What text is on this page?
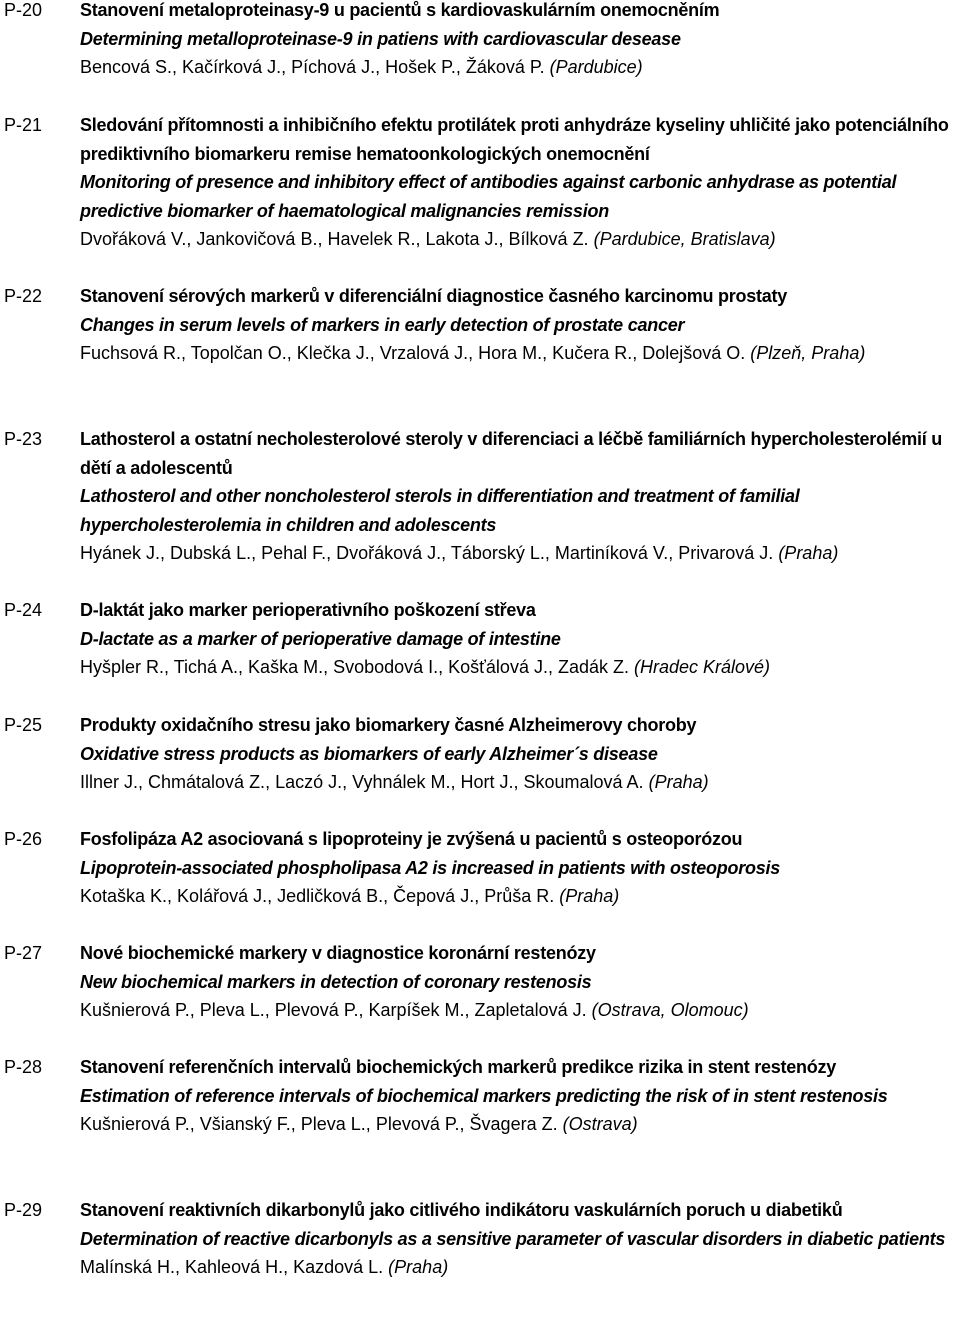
P-20	Stanovení metaloproteinasy-9 u pacientů s kardiovaskulárním onemocněním
Determining metalloproteinase-9 in patiens with cardiovascular desease
Bencová S., Kačírková J., Píchová J., Hošek P., Žáková P. (Pardubice)
P-21	Sledování přítomnosti a inhibičního efektu protilátek proti anhydráze kyseliny uhličité jako potenciálního prediktivního biomarkeru remise hematoonkologických onemocnění
Monitoring of presence and inhibitory effect of antibodies against carbonic anhydrase as potential predictive biomarker of haematological malignancies remission
Dvořáková V., Jankovičová B., Havelek R., Lakota J., Bílková Z. (Pardubice, Bratislava)
P-22	Stanovení sérových markerů v diferenciální diagnostice časného karcinomu prostaty
Changes in serum levels of markers in early detection of prostate cancer
Fuchsová R., Topolčan O., Klečka J., Vrzalová J., Hora M., Kučera R., Dolejšová O. (Plzeň, Praha)
P-23	Lathosterol a ostatní necholesterolové steroly v diferenciaci a léčbě familiárních hypercholesterolémií u dětí a adolescentů
Lathosterol and other noncholesterol sterols in differentiation and treatment of familial hypercholesterolemia in children and adolescents
Hyánek J., Dubská L., Pehal F., Dvořáková J., Táborský L., Martiníková V., Privarová J. (Praha)
P-24	D-laktát jako marker perioperativního poškození střeva
D-lactate as a marker of perioperative damage of intestine
Hyšpler R., Tichá A., Kaška M., Svobodová I., Košťálová J., Zadák Z. (Hradec Králové)
P-25	Produkty oxidačního stresu jako biomarkery časné Alzheimerovy choroby
Oxidative stress products as biomarkers of early Alzheimer´s disease
Illner J., Chmátalová Z., Laczó J., Vyhnálek M., Hort J., Skoumalová A. (Praha)
P-26	Fosfolipáza A2 asociovaná s lipoproteiny je zvýšená u pacientů s osteoporózou
Lipoprotein-associated phospholipasa A2 is increased in patients with osteoporosis
Kotaška K., Kolářová J., Jedličková B., Čepová J., Průša R. (Praha)
P-27	Nové biochemické markery v diagnostice koronární restenózy
New biochemical markers in detection of coronary restenosis
Kušnierová P., Pleva L., Plevová P., Karpíšek M., Zapletalová J. (Ostrava, Olomouc)
P-28	Stanovení referenčních intervalů biochemických markerů predikce rizika in stent restenózy
Estimation of reference intervals of biochemical markers predicting the risk of in stent restenosis
Kušnierová P., Všianský F., Pleva L., Plevová P., Švagera Z. (Ostrava)
P-29	Stanovení reaktivních dikarbonylů jako citlivého indikátoru vaskulárních poruch u diabetiků
Determination of reactive dicarbonyls as a sensitive parameter of vascular disorders in diabetic patients
Malínská H., Kahleová H., Kazdová L. (Praha)
